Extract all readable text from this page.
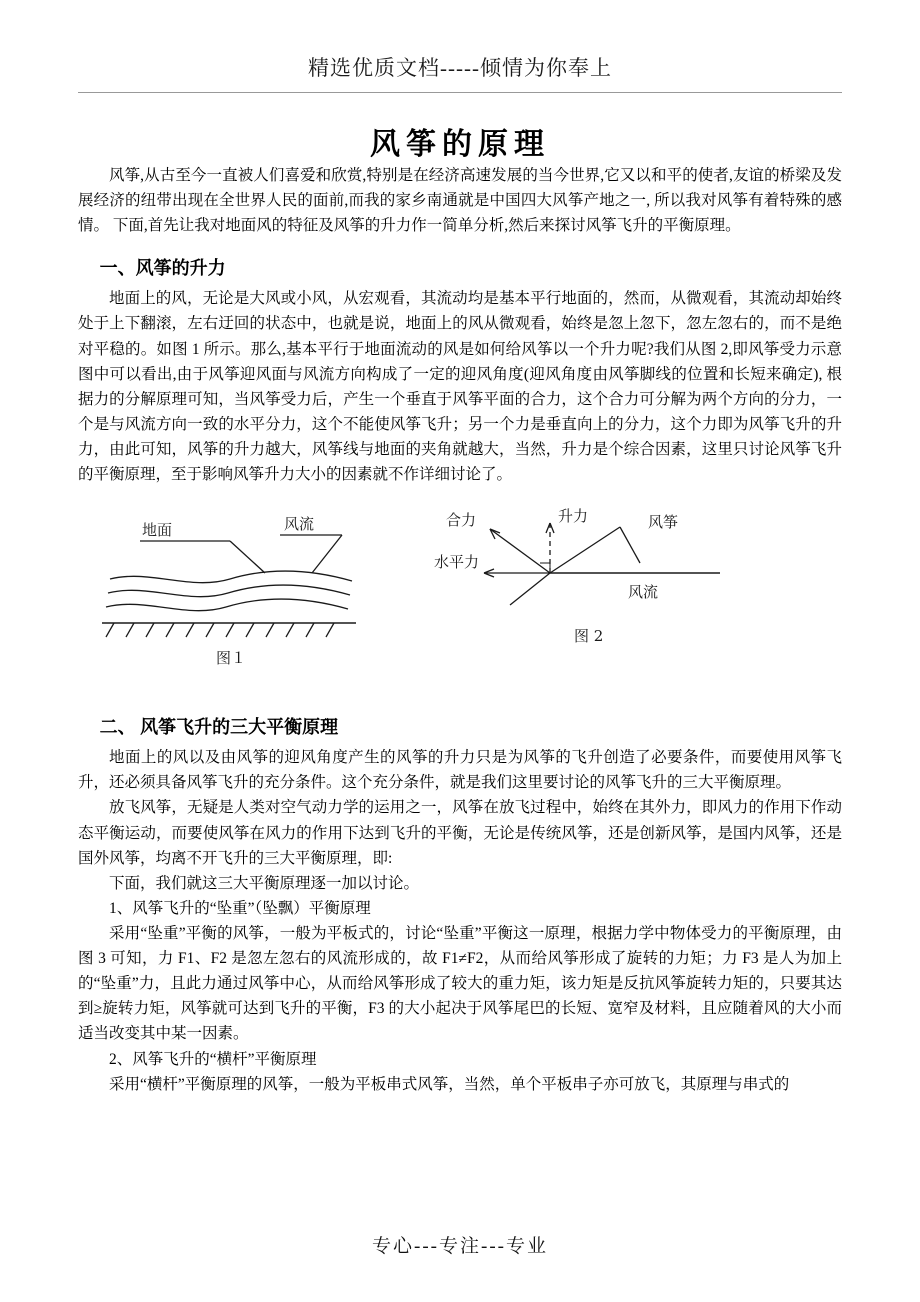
精选优质文档-----倾情为你奉上
风筝的原理

风筝,从古至今一直被人们喜爱和欣赏,特别是在经济高速发展的当今世界,它又以和平的使者,友谊的桥梁及发展经济的纽带出现在全世界人民的面前,而我的家乡南通就是中国四大风筝产地之一, 所以我对风筝有着特殊的感情。 下面,首先让我对地面风的特征及风筝的升力作一简单分析,然后来探讨风筝飞升的平衡原理。

一、风筝的升力

地面上的风，无论是大风或小风，从宏观看，其流动均是基本平行地面的，然而，从微观看，其流动却始终处于上下翻滚，左右迂回的状态中，也就是说，地面上的风从微观看，始终是忽上忽下，忽左忽右的，而不是绝对平稳的。如图 1 所示。那么,基本平行于地面流动的风是如何给风筝以一个升力呢?我们从图 2,即风筝受力示意图中可以看出,由于风筝迎风面与风流方向构成了一定的迎风角度(迎风角度由风筝脚线的位置和长短来确定), 根据力的分解原理可知，当风筝受力后，产生一个垂直于风筝平面的合力，这个合力可分解为两个方向的分力，一个是与风流方向一致的水平分力，这个不能使风筝飞升；另一个力是垂直向上的分力，这个力即为风筝飞升的升力，由此可知，风筝的升力越大，风筝线与地面的夹角就越大，当然，升力是个综合因素，这里只讨论风筝飞升的平衡原理，至于影响风筝升力大小的因素就不作详细讨论了。

地面	风流
图１
合力	升力
水平力
风筝
风流
图 2
二、 风筝飞升的三大平衡原理

地面上的风以及由风筝的迎风角度产生的风筝的升力只是为风筝的飞升创造了必要条件，而要使用风筝飞升，还必须具备风筝飞升的充分条件。这个充分条件，就是我们这里要讨论的风筝飞升的三大平衡原理。

放飞风筝，无疑是人类对空气动力学的运用之一，风筝在放飞过程中，始终在其外力，即风力的作用下作动态平衡运动，而要使风筝在风力的作用下达到飞升的平衡，无论是传统风筝，还是创新风筝，是国内风筝，还是国外风筝，均离不开飞升的三大平衡原理，即:

下面，我们就这三大平衡原理逐一加以讨论。

1、风筝飞升的“坠重”（坠飘）平衡原理

采用“坠重”平衡的风筝，一般为平板式的，讨论“坠重”平衡这一原理，根据力学中物体受力的平衡原理，由图 3 可知，力 F1、F2 是忽左忽右的风流形成的，故 F1≠F2，从而给风筝形成了旋转的力矩；力 F3 是人为加上的“坠重”力，且此力通过风筝中心，从而给风筝形成了较大的重力矩，该力矩是反抗风筝旋转力矩的，只要其达到≥旋转力矩，风筝就可达到飞升的平衡，F3 的大小起决于风筝尾巴的长短、宽窄及材料，且应随着风的大小而适当改变其中某一因素。

2、风筝飞升的“横杆”平衡原理

采用“横杆”平衡原理的风筝，一般为平板串式风筝，当然，单个平板串子亦可放飞，其原理与串式的

专心---专注---专业
